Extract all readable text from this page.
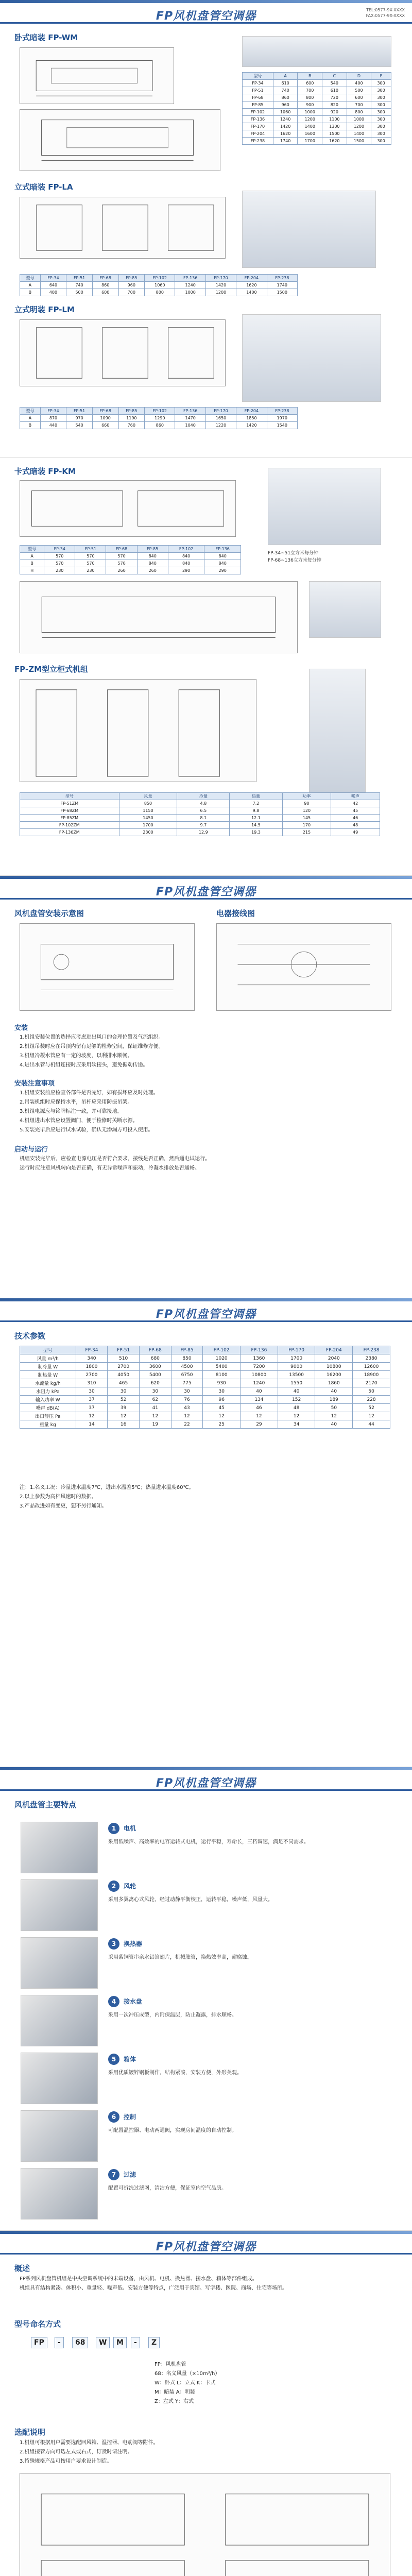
FP风机盘管空调器	TEL:0577-9X-XXXX
FAX:0577-9X-XXXX
卧式暗装 FP-WM
型号	A	B	C	D	E
FP-34	610	600	540	400	300
FP-51	740	700	610	500	300
FP-68	860	800	720	600	300
FP-85	960	900	820	700	300
FP-102	1060	1000	920	800	300
FP-136	1240	1200	1100	1000	300
FP-170	1420	1400	1300	1200	300
FP-204	1620	1600	1500	1400	300
FP-238	1740	1700	1620	1500	300
立式暗装 FP-LA
型号	FP-34	FP-51	FP-68	FP-85	FP-102	FP-136	FP-170	FP-204	FP-238
A	640	740	860	960	1060	1240	1420	1620	1740
B	400	500	600	700	800	1000	1200	1400	1500
立式明装 FP-LM
型号	FP-34	FP-51	FP-68	FP-85	FP-102	FP-136	FP-170	FP-204	FP-238
A	870	970	1090	1190	1290	1470	1650	1850	1970
B	440	540	660	760	860	1040	1220	1420	1540
卡式暗装 FP-KM
FP-34~51立方米每分钟
FP-68~136立方米每分钟
型号	FP-34	FP-51	FP-68	FP-85	FP-102	FP-136
A	570	570	570	840	840	840
B	570	570	570	840	840	840
H	230	230	260	260	290	290
FP-ZM型立柜式机组
型号	风量	冷量	热量	功率	噪声
FP-51ZM	850	4.8	7.2	90	42
FP-68ZM	1150	6.5	9.8	120	45
FP-85ZM	1450	8.1	12.1	145	46
FP-102ZM	1700	9.7	14.5	170	48
FP-136ZM	2300	12.9	19.3	215	49
FP风机盘管空调器
风机盘管安装示意图	电器接线图
安装

1.机组安装位置的选择应考虑进出风口的合理位置及气流组织。

2.机组吊装时应在吊顶内留有足够的检修空间，保证维修方便。

3.机组冷凝水管应有一定的坡度，以利排水顺畅。

4.进出水管与机组连接时应采用软接头，避免振动传递。

安装注意事项

1.机组安装前应检查各部件是否完好，如有损坏应及时处理。

2.吊装机组时应保持水平，吊杆应采用防振吊架。

3.机组电源应与铭牌标注一致，并可靠接地。

4.机组进出水管应设置阀门，便于检修时关断水源。

5.安装完毕后应进行试水试验，确认无渗漏方可投入使用。

启动与运行

机组安装完毕后，应检查电源电压是否符合要求，接线是否正确，然后通电试运行。

运行时应注意风机转向是否正确，有无异常噪声和振动，冷凝水排放是否通畅。

FP风机盘管空调器
技术参数
型号	FP-34	FP-51	FP-68	FP-85	FP-102	FP-136	FP-170	FP-204	FP-238
风量 m³/h	340	510	680	850	1020	1360	1700	2040	2380
制冷量 W	1800	2700	3600	4500	5400	7200	9000	10800	12600
制热量 W	2700	4050	5400	6750	8100	10800	13500	16200	18900
水流量 kg/h	310	465	620	775	930	1240	1550	1860	2170
水阻力 kPa	30	30	30	30	30	40	40	40	50
输入功率 W	37	52	62	76	96	134	152	189	228
噪声 dB(A)	37	39	41	43	45	46	48	50	52
出口静压 Pa	12	12	12	12	12	12	12	12	12
重量 kg	14	16	19	22	25	29	34	40	44

注：1.名义工况：冷量进水温度7℃，进出水温差5℃；热量进水温度60℃。

2.以上参数为高档风速时的数据。

3.产品改进如有变更，恕不另行通知。

FP风机盘管空调器
风机盘管主要特点
1	电机
采用低噪声、高效率的电容运转式电机，运行平稳，寿命长，三档调速，满足不同需求。
2	风轮
采用多翼离心式风轮，经过动静平衡校正，运转平稳，噪声低，风量大。
3	换热器
采用紫铜管串亲水铝箔翅片，机械胀管，换热效率高，耐腐蚀。
4	接水盘
采用一次冲压成型，内附保温层，防止凝露，排水顺畅。
5	箱体
采用优质镀锌钢板制作，结构紧凑，安装方便，外形美观。
6	控制
可配置温控器、电动两通阀，实现房间温度的自动控制。
7	过滤
配置可拆洗过滤网，清洁方便，保证室内空气品质。
FP风机盘管空调器
概述

FP系列风机盘管机组是中央空调系统中的末端设备，由风机、电机、换热器、接水盘、箱体等部件组成。

机组具有结构紧凑、体积小、重量轻、噪声低、安装方便等特点，广泛用于宾馆、写字楼、医院、商场、住宅等场所。

型号命名方式
FP	-	68	W	M	-	Z

FP：风机盘管

68：名义风量（×10m³/h）

W：卧式 L：立式 K：卡式

M：暗装 A：明装

Z：左式 Y：右式

选配说明

1.机组可根据用户需要选配回风箱、温控器、电动阀等附件。

2.机组接管方向可选左式或右式，订货时请注明。

3.特殊规格产品可按用户要求设计制造。
